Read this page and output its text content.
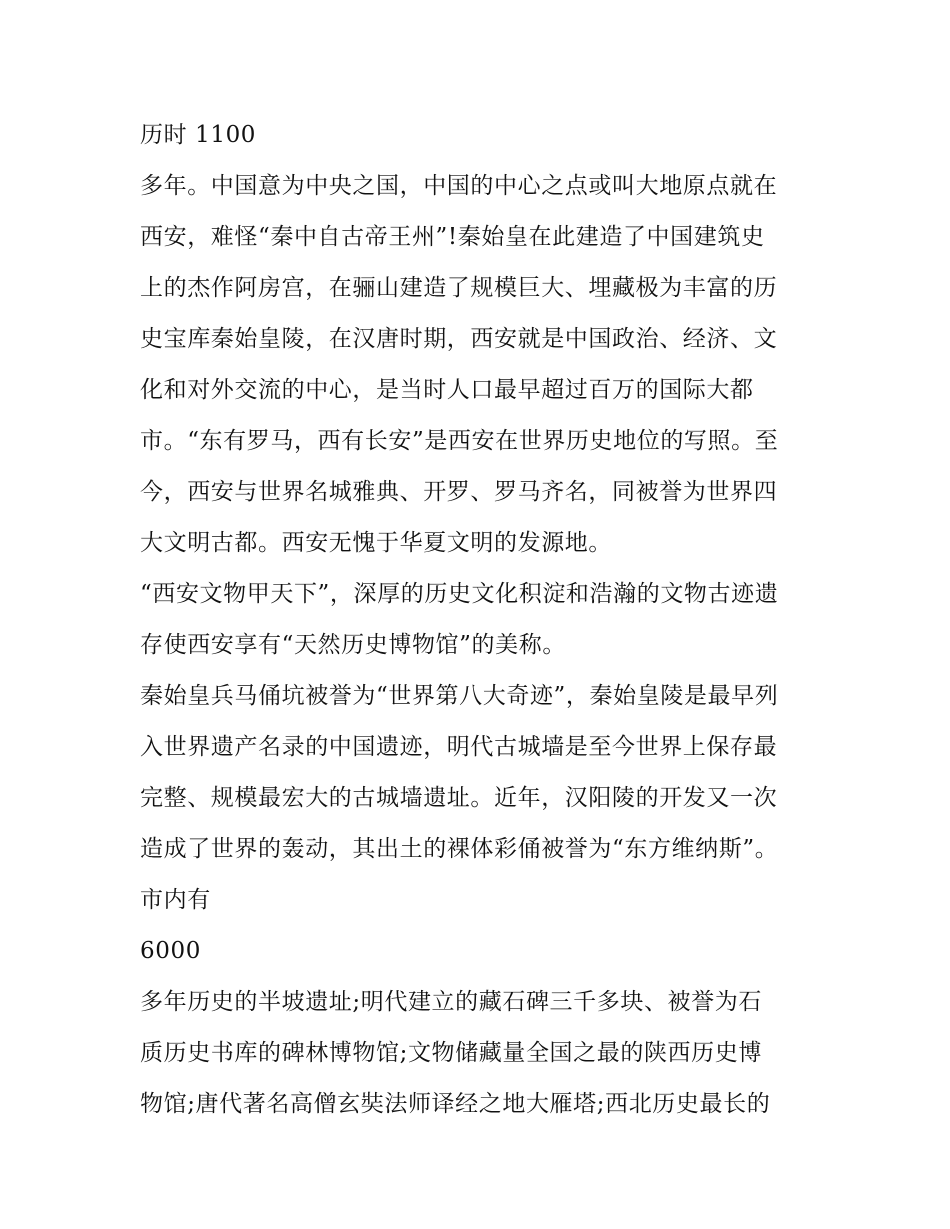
历时 1100
多年。中国意为中央之国，中国的中心之点或叫大地原点就在
西安，难怪“秦中自古帝王州”!秦始皇在此建造了中国建筑史
上的杰作阿房宫，在骊山建造了规模巨大、埋藏极为丰富的历
史宝库秦始皇陵，在汉唐时期，西安就是中国政治、经济、文
化和对外交流的中心，是当时人口最早超过百万的国际大都
市。“东有罗马，西有长安”是西安在世界历史地位的写照。至
今，西安与世界名城雅典、开罗、罗马齐名，同被誉为世界四
大文明古都。西安无愧于华夏文明的发源地。
“西安文物甲天下”，深厚的历史文化积淀和浩瀚的文物古迹遗
存使西安享有“天然历史博物馆”的美称。
秦始皇兵马俑坑被誉为“世界第八大奇迹”，秦始皇陵是最早列
入世界遗产名录的中国遗迹，明代古城墙是至今世界上保存最
完整、规模最宏大的古城墙遗址。近年，汉阳陵的开发又一次
造成了世界的轰动，其出土的裸体彩俑被誉为“东方维纳斯”。
市内有
6000
多年历史的半坡遗址;明代建立的藏石碑三千多块、被誉为石
质历史书库的碑林博物馆;文物储藏量全国之最的陕西历史博
物馆;唐代著名高僧玄奘法师译经之地大雁塔;西北历史最长的
